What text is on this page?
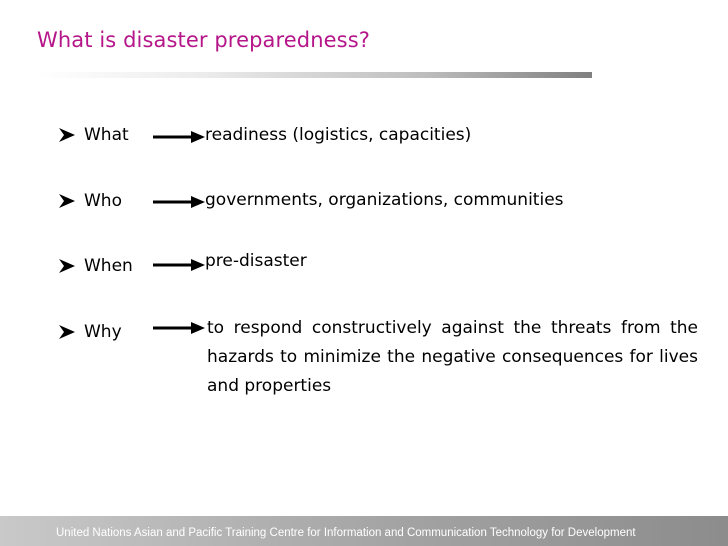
What is disaster preparedness?
What	readiness (logistics, capacities)
Who	governments, organizations, communities
When	pre-disaster
Why	to respond constructively against the threats from the hazards to minimize the negative consequences for lives and properties
United Nations Asian and Pacific Training Centre for Information and Communication Technology for Development
